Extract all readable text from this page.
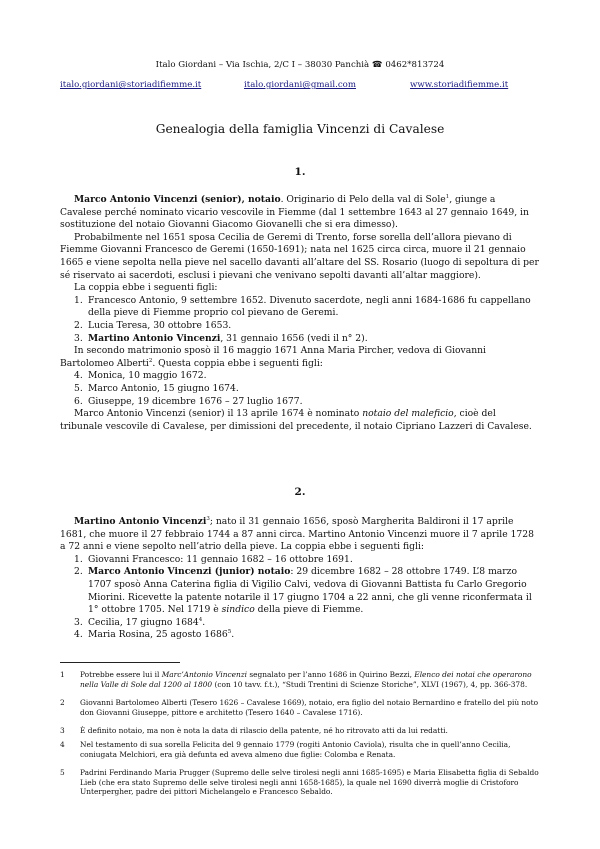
Italo Giordani – Via Ischia, 2/C I – 38030 Panchià ☎ 0462*813724
italo.giordani@storiadifiemme.it	italo.giordani@gmail.com	www.storiadifiemme.it
Genealogia della famiglia Vincenzi di Cavalese
1.

Marco Antonio Vincenzi (senior), notaio. Originario di Pelo della val di Sole$^1$, giunge a Cavalese perché nominato vicario vescovile in Fiemme (dal 1 settembre 1643 al 27 gennaio 1649, in sostituzione del notaio Giovanni Giacomo Giovanelli che si era dimesso).

Probabilmente nel 1651 sposa Cecilia de Geremi di Trento, forse sorella dell’allora pievano di Fiemme Giovanni Francesco de Geremi (1650-1691); nata nel 1625 circa circa, muore il 21 gennaio 1665 e viene sepolta nella pieve nel sacello davanti all’altare del SS. Rosario (luogo di sepoltura di per sé riservato ai sacerdoti, esclusi i pievani che venivano sepolti davanti all’altar maggiore).

La coppia ebbe i seguenti figli:

1. Francesco Antonio, 9 settembre 1652. Divenuto sacerdote, negli anni 1684-1686 fu cappellano della pieve di Fiemme proprio col pievano de Geremi.

2. Lucia Teresa, 30 ottobre 1653.

3. Martino Antonio Vincenzi, 31 gennaio 1656 (vedi il n° 2).

In secondo matrimonio sposò il 16 maggio 1671 Anna Maria Pircher, vedova di Giovanni Bartolomeo Alberti$^2$. Questa coppia ebbe i seguenti figli:

4. Monica, 10 maggio 1672.

5. Marco Antonio, 15 giugno 1674.

6. Giuseppe, 19 dicembre 1676 – 27 luglio 1677.

Marco Antonio Vincenzi (senior) il 13 aprile 1674 è nominato notaio del maleficio, cioè del tribunale vescovile di Cavalese, per dimissioni del precedente, il notaio Cipriano Lazzeri di Cavalese.

2.

Martino Antonio Vincenzi$^3$; nato il 31 gennaio 1656, sposò Margherita Baldironi il 17 aprile 1681, che muore il 27 febbraio 1744 a 87 anni circa. Martino Antonio Vincenzi muore il 7 aprile 1728 a 72 anni e viene sepolto nell’atrio della pieve. La coppia ebbe i seguenti figli:

1. Giovanni Francesco: 11 gennaio 1682 – 16 ottobre 1691.

2. Marco Antonio Vincenzi (junior) notaio: 29 dicembre 1682 – 28 ottobre 1749. L’8 marzo 1707 sposò Anna Caterina figlia di Vigilio Calvi, vedova di Giovanni Battista fu Carlo Gregorio Miorini. Ricevette la patente notarile il 17 giugno 1704 a 22 anni, che gli venne riconfermata il 1° ottobre 1705. Nel 1719 è sindico della pieve di Fiemme.

3. Cecilia, 17 giugno 1684$^4$.

4. Maria Rosina, 25 agosto 1686$^5$.

1	Potrebbe essere lui il Marc’Antonio Vincenzi segnalato per l’anno 1686 in Quirino Bezzi, Elenco dei notai che operarono nella Valle di Sole dal 1200 al 1800 (con 10 tavv. f.t.), “Studi Trentini di Scienze Storiche”, XLVI (1967), 4, pp. 366-378.
2	Giovanni Bartolomeo Alberti (Tesero 1626 – Cavalese 1669), notaio, era figlio del notaio Bernardino e fratello del più noto don Giovanni Giuseppe, pittore e architetto (Tesero 1640 – Cavalese 1716).
3	È definito notaio, ma non è nota la data di rilascio della patente, né ho ritrovato atti da lui redatti.
4	Nel testamento di sua sorella Felicita del 9 gennaio 1779 (rogiti Antonio Caviola), risulta che in quell’anno Cecilia, coniugata Melchiori, era già defunta ed aveva almeno due figlie: Colomba e Renata.
5	Padrini Ferdinando Maria Prugger (Supremo delle selve tirolesi negli anni 1685-1695) e Maria Elisabetta figlia di Sebaldo Lieb (che era stato Supremo delle selve tirolesi negli anni 1658-1685), la quale nel 1690 diverrà moglie di Cristoforo Unterpergher, padre dei pittori Michelangelo e Francesco Sebaldo.
